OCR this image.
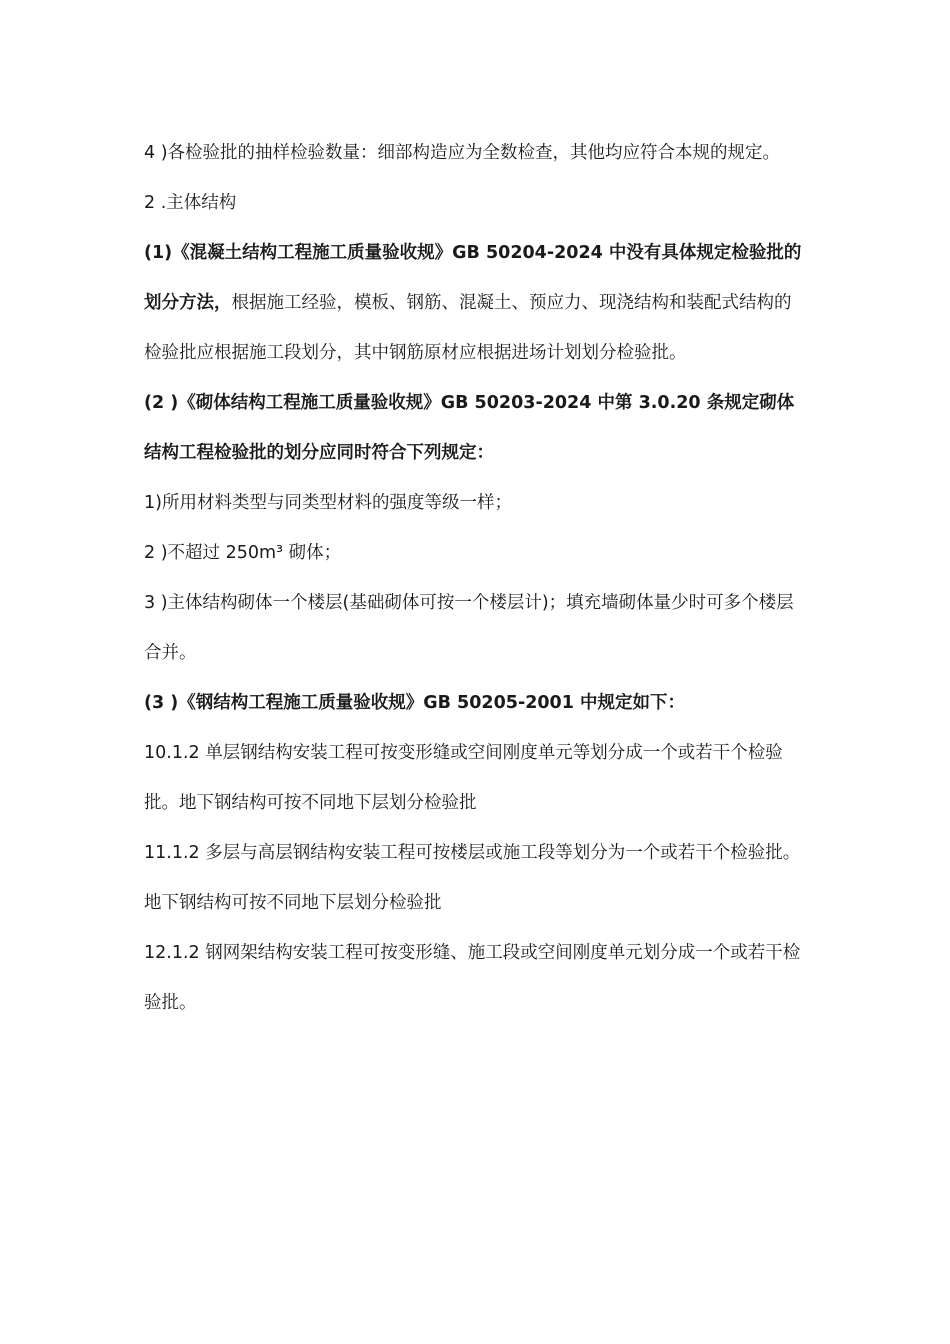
4 )各检验批的抽样检验数量：细部构造应为全数检查，其他均应符合本规的规定。

2 .主体结构

(1)《混凝土结构工程施工质量验收规》GB 50204-2024 中没有具体规定检验批的划分方法，根据施工经验，模板、钢筋、混凝土、预应力、现浇结构和装配式结构的检验批应根据施工段划分，其中钢筋原材应根据进场计划划分检验批。

(2 )《砌体结构工程施工质量验收规》GB 50203-2024 中第 3.0.20 条规定砌体结构工程检验批的划分应同时符合下列规定：

1)所用材料类型与同类型材料的强度等级一样；

2 )不超过 250m³ 砌体；

3 )主体结构砌体一个楼层(基础砌体可按一个楼层计)；填充墙砌体量少时可多个楼层合并。

(3 )《钢结构工程施工质量验收规》GB 50205-2001 中规定如下：

10.1.2 单层钢结构安装工程可按变形缝或空间刚度单元等划分成一个或若干个检验批。地下钢结构可按不同地下层划分检验批

11.1.2 多层与高层钢结构安装工程可按楼层或施工段等划分为一个或若干个检验批。地下钢结构可按不同地下层划分检验批

12.1.2 钢网架结构安装工程可按变形缝、施工段或空间刚度单元划分成一个或若干检验批。
